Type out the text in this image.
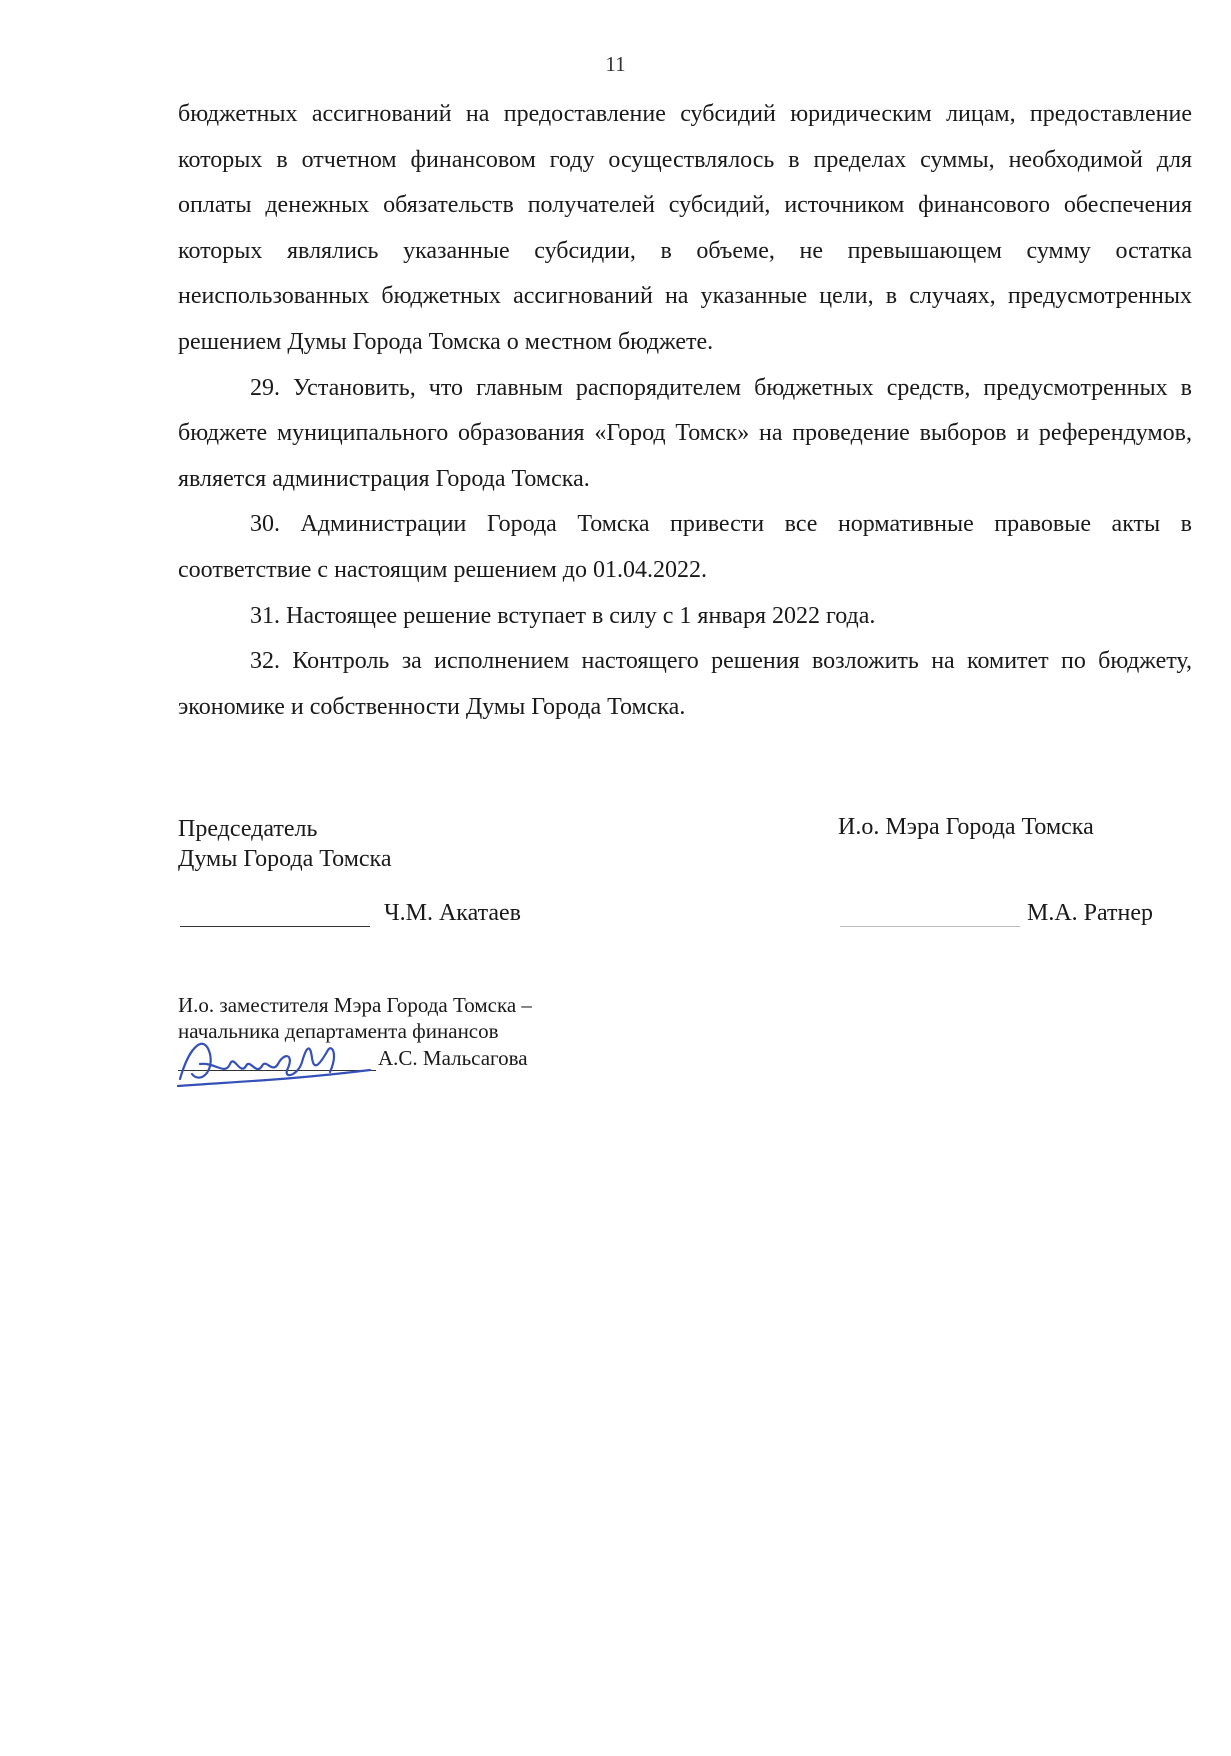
11

бюджетных ассигнований на предоставление субсидий юридическим лицам, предоставление которых в отчетном финансовом году осуществлялось в пределах суммы, необходимой для оплаты денежных обязательств получателей субсидий, источником финансового обеспечения которых являлись указанные субсидии, в объеме, не превышающем сумму остатка неиспользованных бюджетных ассигнований на указанные цели, в случаях, предусмотренных решением Думы Города Томска о местном бюджете.

29. Установить, что главным распорядителем бюджетных средств, предусмотренных в бюджете муниципального образования «Город Томск» на проведение выборов и референдумов, является администрация Города Томска.

30. Администрации Города Томска привести все нормативные правовые акты в соответствие с настоящим решением до 01.04.2022.

31. Настоящее решение вступает в силу с 1 января 2022 года.

32. Контроль за исполнением настоящего решения возложить на комитет по бюджету, экономике и собственности Думы Города Томска.

Председатель
Думы Города Томска
И.о. Мэра Города Томска
Ч.М. Акатаев	М.А. Ратнер
И.о. заместителя Мэра Города Томска –
начальника департамента финансов
А.С. Мальсагова
